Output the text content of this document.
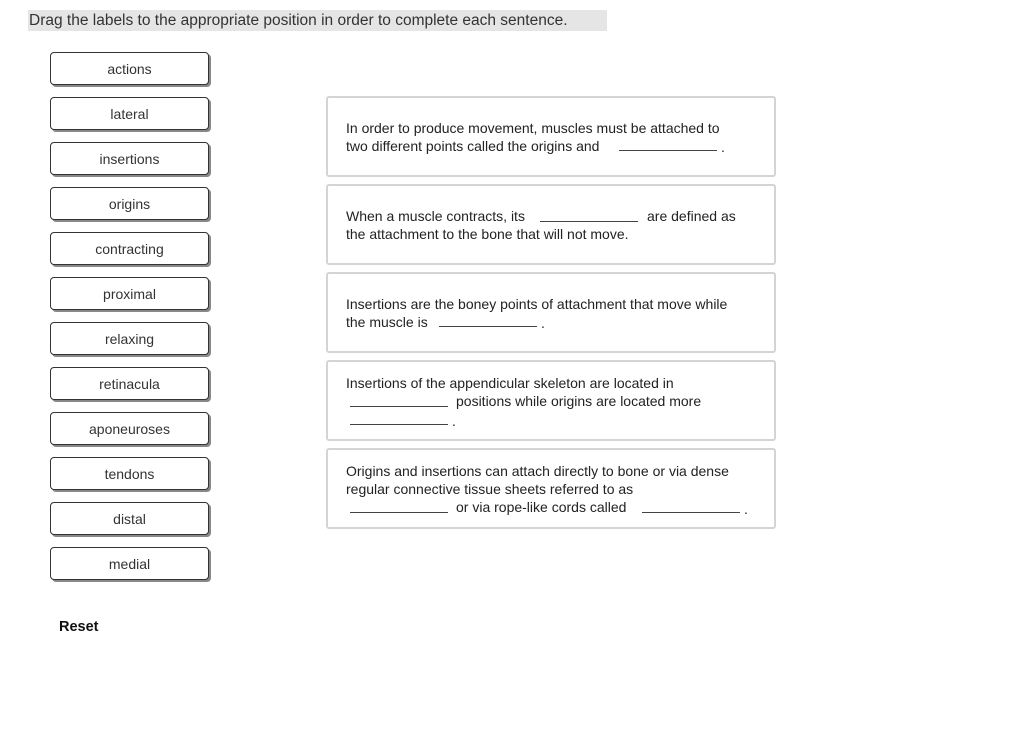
Drag the labels to the appropriate position in order to complete each sentence.
actions
lateral
insertions
origins
contracting
proximal
relaxing
retinacula
aponeuroses
tendons
distal
medial
Reset
In order to produce movement, muscles must be attached to
two different points called the origins and	.
When a muscle contracts, its	are defined as
the attachment to the bone that will not move.
Insertions are the boney points of attachment that move while
the muscle is	.
Insertions of the appendicular skeleton are located in
positions while origins are located more
.
Origins and insertions can attach directly to bone or via dense
regular connective tissue sheets referred to as
or via rope-like cords called	.
